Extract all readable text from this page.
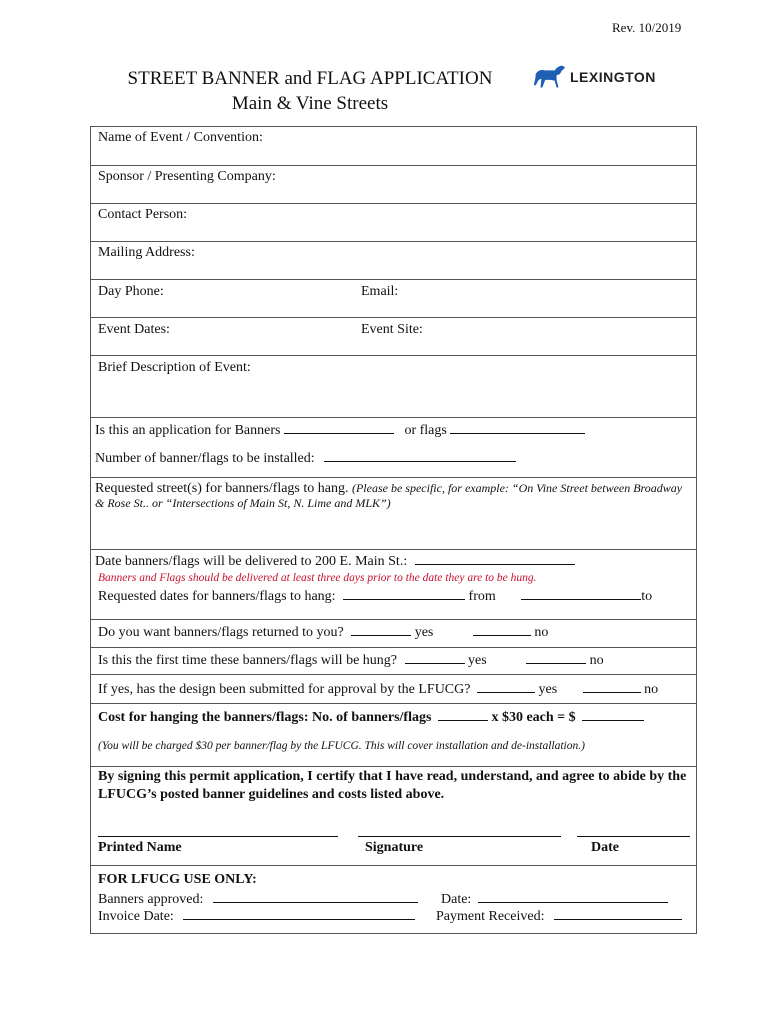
Rev. 10/2019
STREET BANNER and FLAG APPLICATION
Main & Vine Streets
LEXINGTON
Name of Event / Convention:
Sponsor / Presenting Company:
Contact Person:
Mailing Address:
Day Phone:	Email:
Event Dates:	Event Site:
Brief Description of Event:
Is this an application for Banners	or flags
Number of banner/flags to be installed:
Requested street(s) for banners/flags to hang. (Please be specific, for example: “On Vine Street between Broadway & Rose St.. or “Intersections of Main St, N. Lime and MLK”)
Date banners/flags will be delivered to 200 E. Main St.:
Banners and Flags should be delivered at least three days prior to the date they are to be hung.
Requested dates for banners/flags to hang:	from	to
Do you want banners/flags returned to you?	yes	no
Is this the first time these banners/flags will be hung?	yes	no
If yes, has the design been submitted for approval by the LFUCG?	yes	no
Cost for hanging the banners/flags: No. of banners/flags	x $30 each = $
(You will be charged $30 per banner/flag by the LFUCG. This will cover installation and de-installation.)
By signing this permit application, I certify that I have read, understand, and agree to abide by the LFUCG’s posted banner guidelines and costs listed above.
Printed Name	Signature	Date
FOR LFUCG USE ONLY:
Banners approved:	Date:
Invoice Date:	Payment Received:
